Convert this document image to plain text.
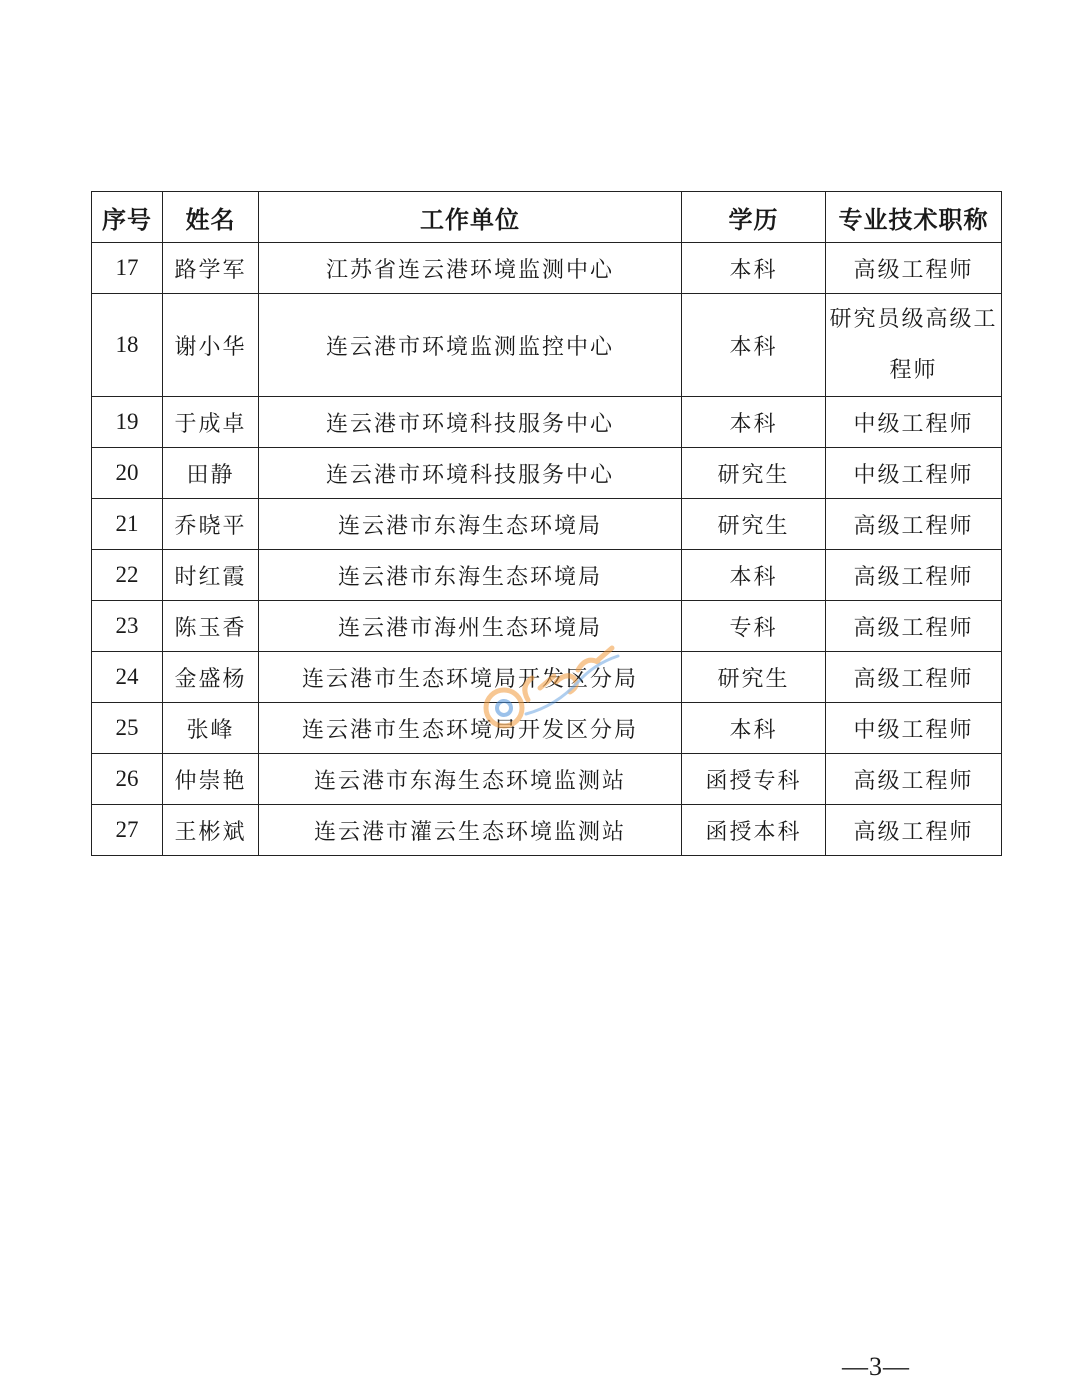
序号	姓名	工作单位	学历	专业技术职称
17	路学军	江苏省连云港环境监测中心	本科	高级工程师
18	谢小华	连云港市环境监测监控中心	本科	研究员级高级工程师
19	于成卓	连云港市环境科技服务中心	本科	中级工程师
20	田静	连云港市环境科技服务中心	研究生	中级工程师
21	乔晓平	连云港市东海生态环境局	研究生	高级工程师
22	时红霞	连云港市东海生态环境局	本科	高级工程师
23	陈玉香	连云港市海州生态环境局	专科	高级工程师
24	金盛杨	连云港市生态环境局开发区分局	研究生	高级工程师
25	张峰	连云港市生态环境局开发区分局	本科	中级工程师
26	仲崇艳	连云港市东海生态环境监测站	函授专科	高级工程师
27	王彬斌	连云港市灌云生态环境监测站	函授本科	高级工程师
—3—
